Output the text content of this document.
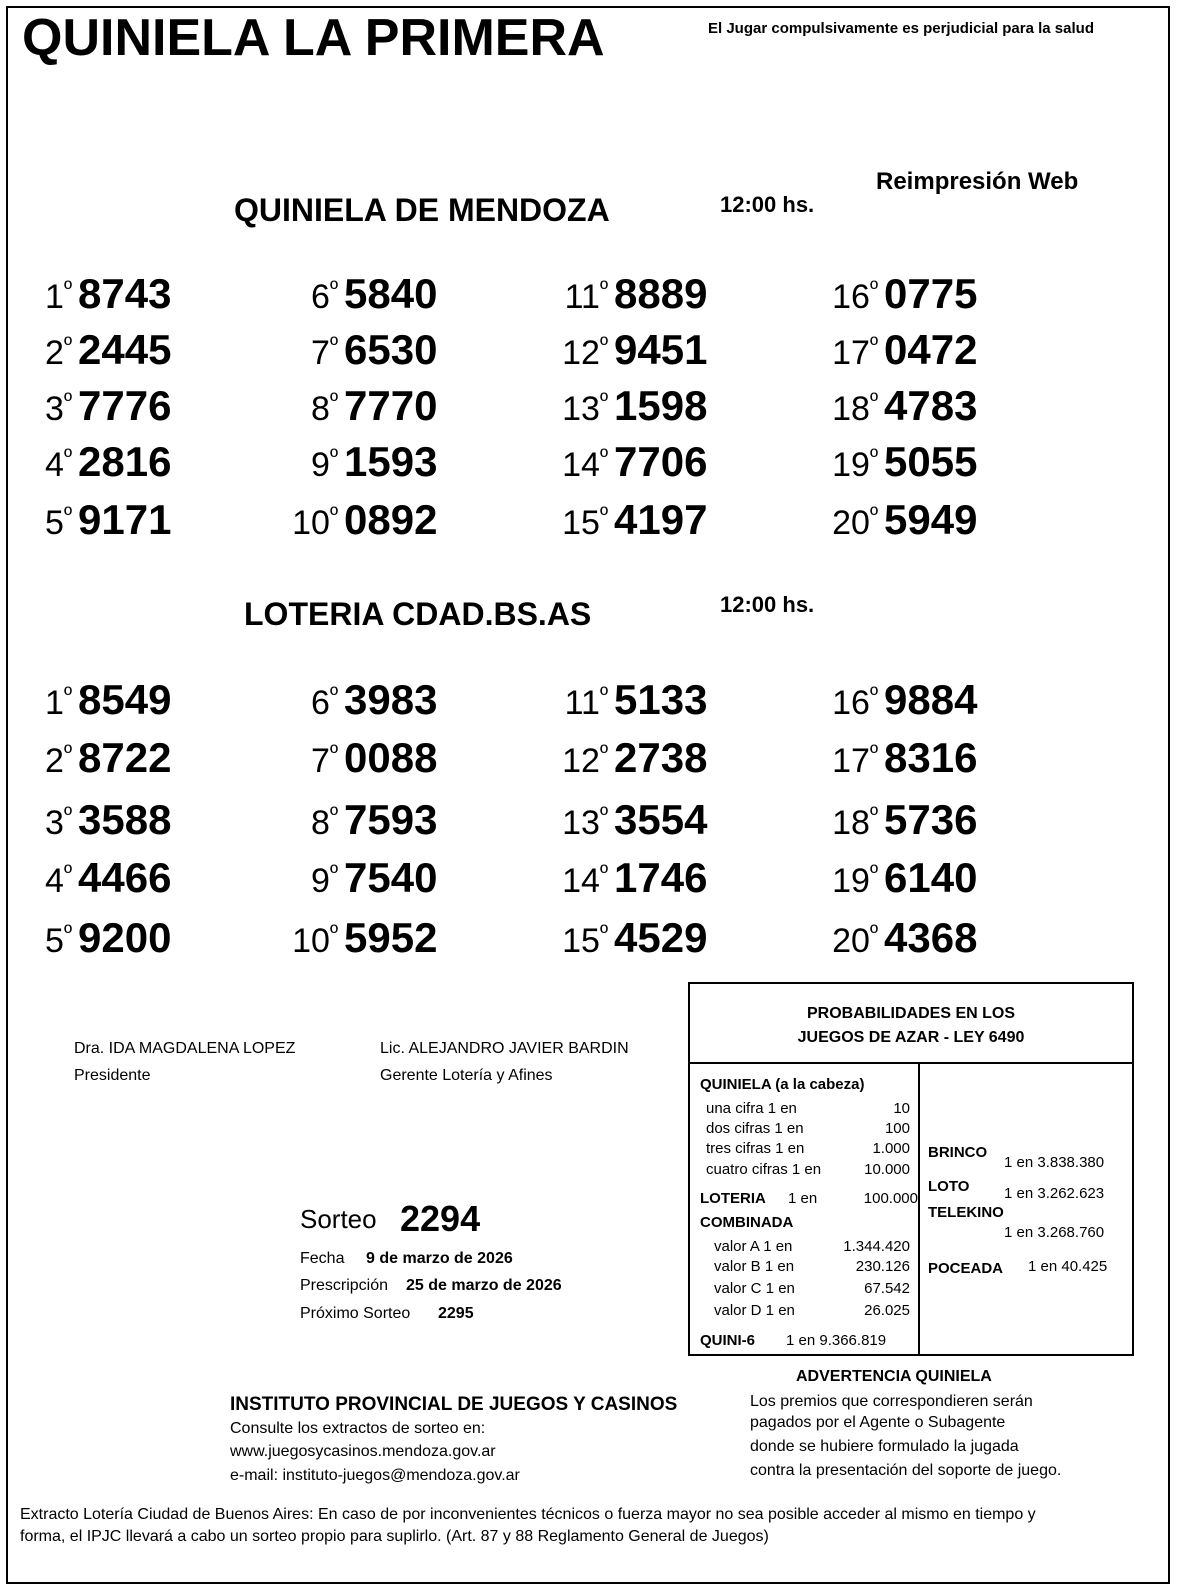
QUINIELA LA PRIMERA	El Jugar compulsivamente es perjudicial para la salud
Reimpresión Web
QUINIELA DE MENDOZA	12:00 hs.
$1^º$ 8743
$2^º$ 2445
$3^º$ 7776
$4^º$ 2816
$5^º$ 9171
$6^º$ 5840
$7^º$ 6530
$8^º$ 7770
$9^º$ 1593
$10^º$ 0892
$11^º$ 8889
$12^º$ 9451
$13^º$ 1598
$14^º$ 7706
$15^º$ 4197
$16^º$ 0775
$17^º$ 0472
$18^º$ 4783
$19^º$ 5055
$20^º$ 5949
LOTERIA CDAD.BS.AS	12:00 hs.
$1^º$ 8549
$2^º$ 8722
$3^º$ 3588
$4^º$ 4466
$5^º$ 9200
$6^º$ 3983
$7^º$ 0088
$8^º$ 7593
$9^º$ 7540
$10^º$ 5952
$11^º$ 5133
$12^º$ 2738
$13^º$ 3554
$14^º$ 1746
$15^º$ 4529
$16^º$ 9884
$17^º$ 8316
$18^º$ 5736
$19^º$ 6140
$20^º$ 4368
Dra. IDA MAGDALENA LOPEZ
Presidente
Lic. ALEJANDRO JAVIER BARDIN
Gerente Lotería y Afines
PROBABILIDADES EN LOS
JUEGOS DE AZAR - LEY 6490
QUINIELA (a la cabeza)
una cifra 1 en	10
dos cifras 1 en	100
tres cifras 1 en	1.000
cuatro cifras 1 en	10.000
LOTERIA 1 en	100.000
COMBINADA
valor A 1 en	1.344.420
valor B 1 en	230.126
valor C 1 en	67.542
valor D 1 en	26.025
QUINI-6 1 en 9.366.819
BRINCO
1 en 3.838.380
LOTO 1 en 3.262.623
TELEKINO
1 en 3.268.760
POCEADA 1 en 40.425
Sorteo 2294
Fecha 9 de marzo de 2026
Prescripción 25 de marzo de 2026
Próximo Sorteo 2295
INSTITUTO PROVINCIAL DE JUEGOS Y CASINOS
Consulte los extractos de sorteo en:
www.juegosycasinos.mendoza.gov.ar
e-mail: instituto-juegos@mendoza.gov.ar
ADVERTENCIA QUINIELA
Los premios que correspondieren serán
pagados por el Agente o Subagente
donde se hubiere formulado la jugada
contra la presentación del soporte de juego.
Extracto Lotería Ciudad de Buenos Aires: En caso de por inconvenientes técnicos o fuerza mayor no sea posible acceder al mismo en tiempo y
forma, el IPJC llevará a cabo un sorteo propio para suplirlo. (Art. 87 y 88 Reglamento General de Juegos)
